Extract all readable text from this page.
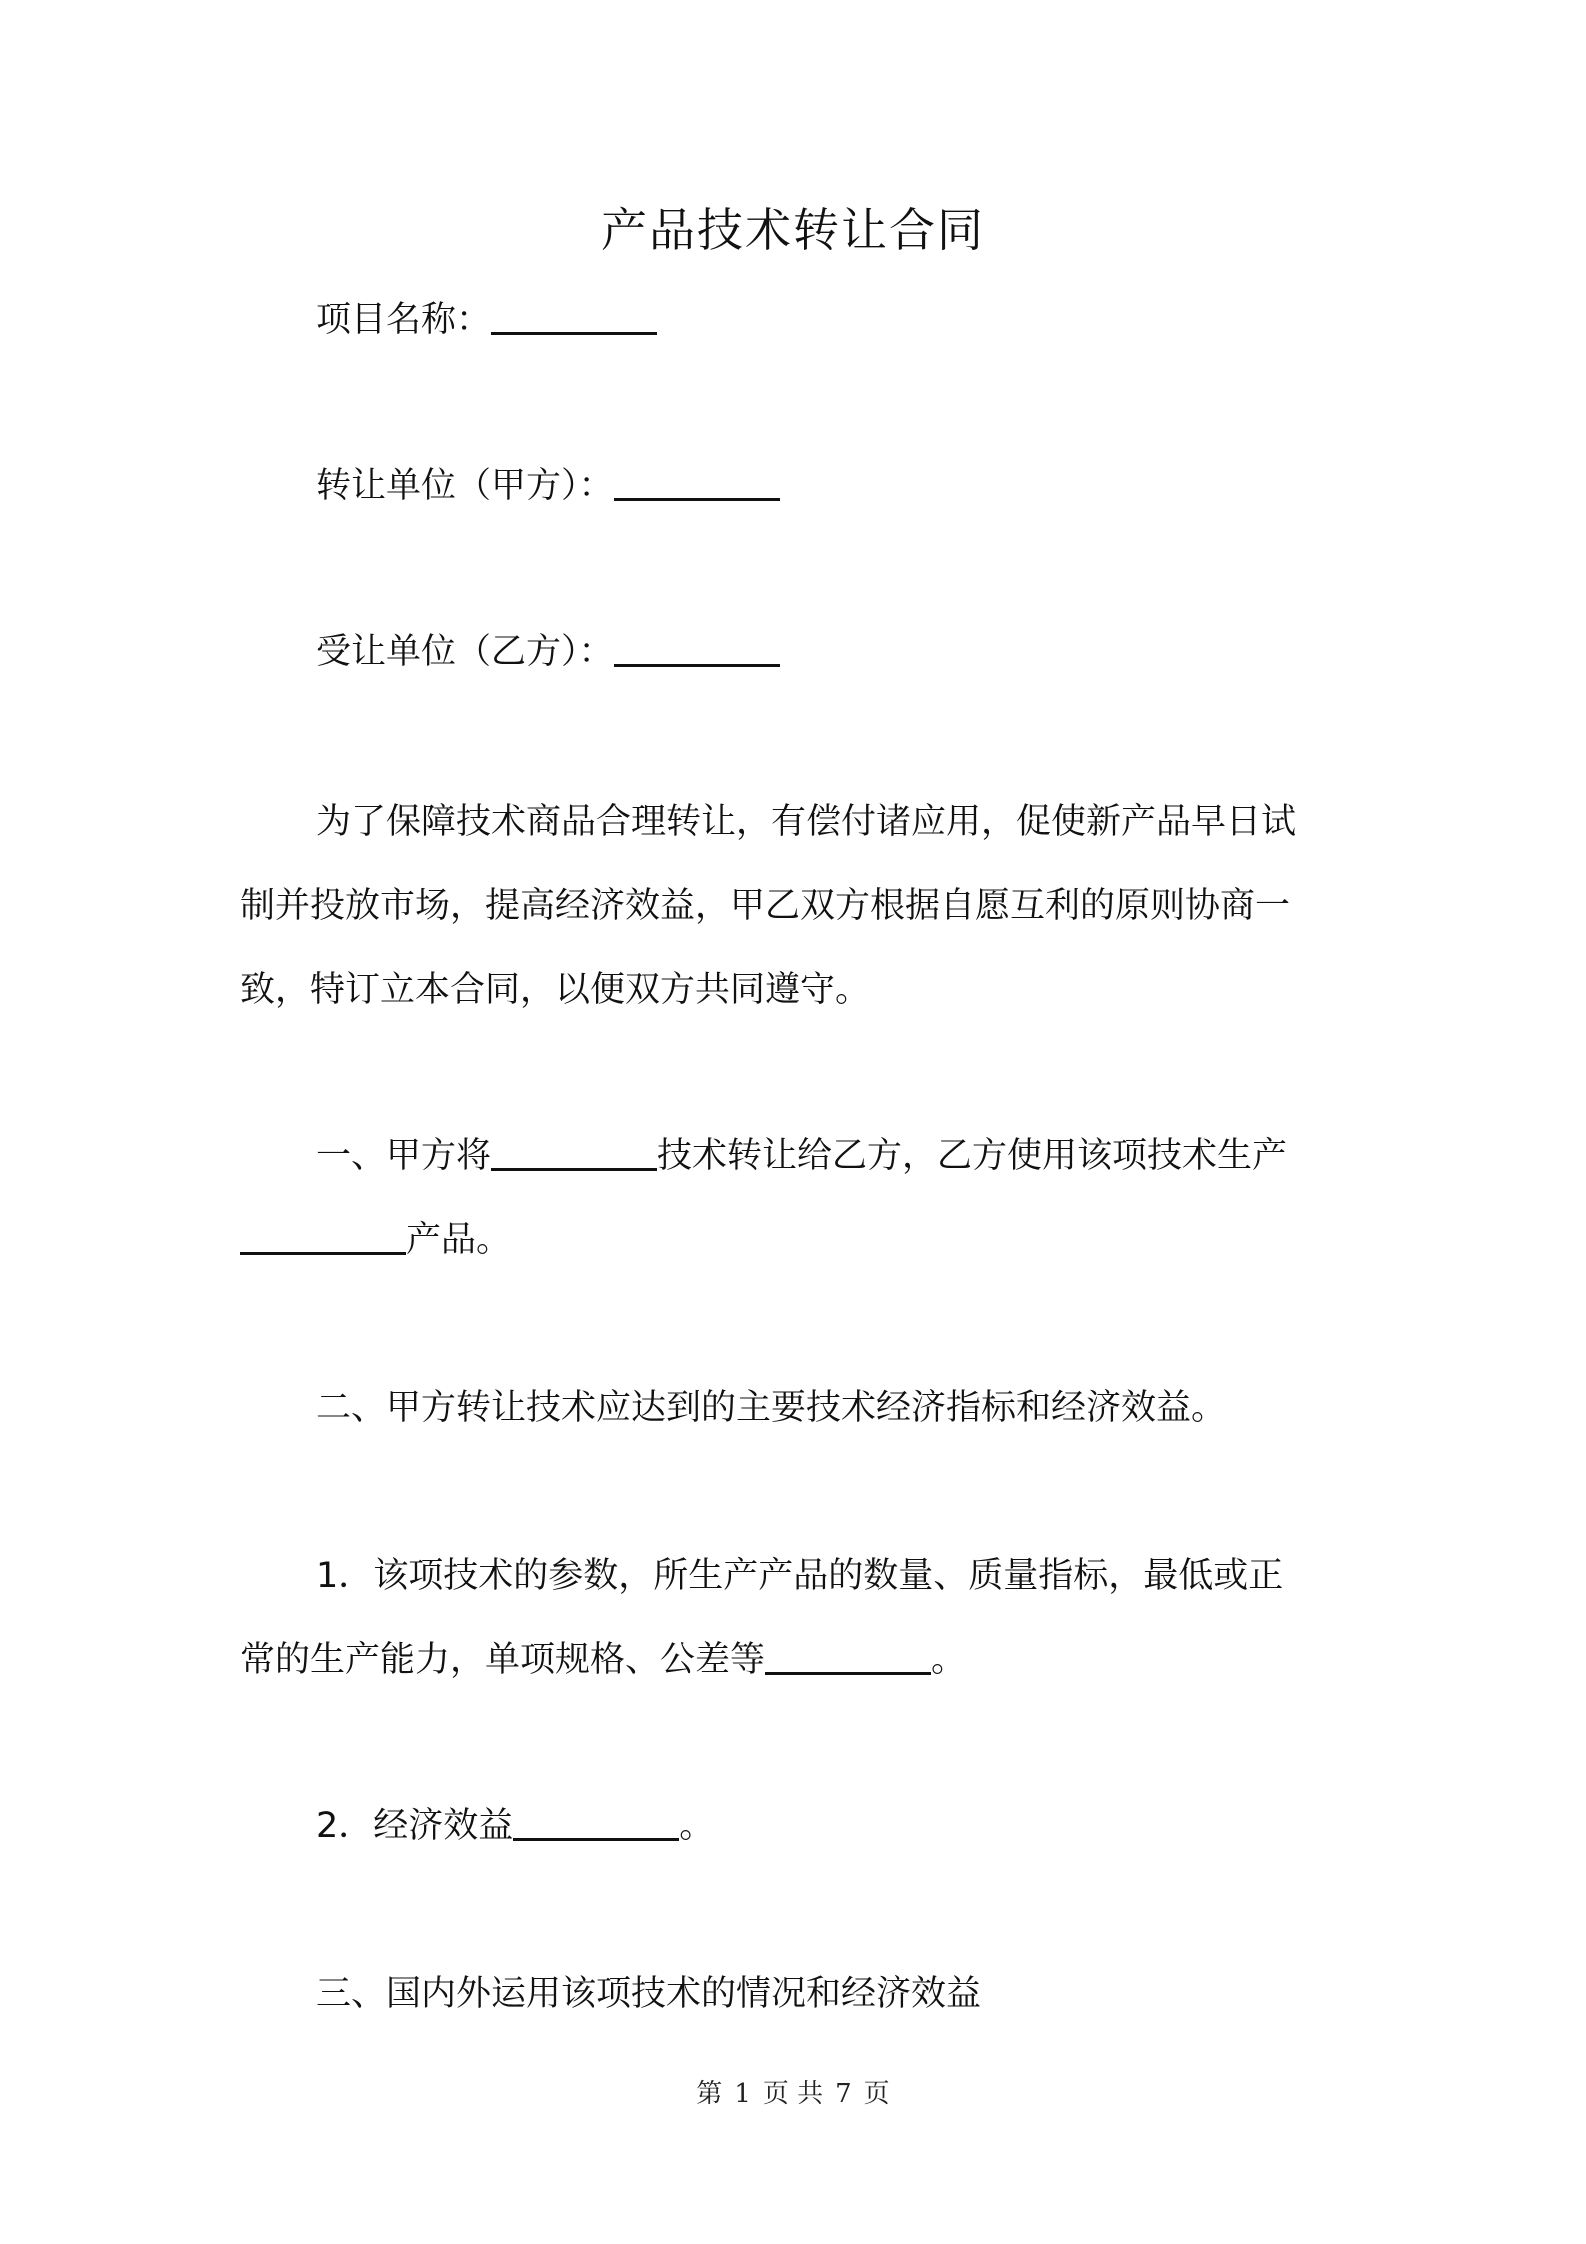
产品技术转让合同
项目名称：
转让单位（甲方）：
受让单位（乙方）：
为了保障技术商品合理转让，有偿付诸应用，促使新产品早日试
制并投放市场，提高经济效益，甲乙双方根据自愿互利的原则协商一
致，特订立本合同，以便双方共同遵守。
一、甲方将	技术转让给乙方，乙方使用该项技术生产
产品。
二、甲方转让技术应达到的主要技术经济指标和经济效益。
1．该项技术的参数，所生产产品的数量、质量指标，最低或正
常的生产能力，单项规格、公差等	。
2．经济效益	。
三、国内外运用该项技术的情况和经济效益
第 1 页 共 7 页
